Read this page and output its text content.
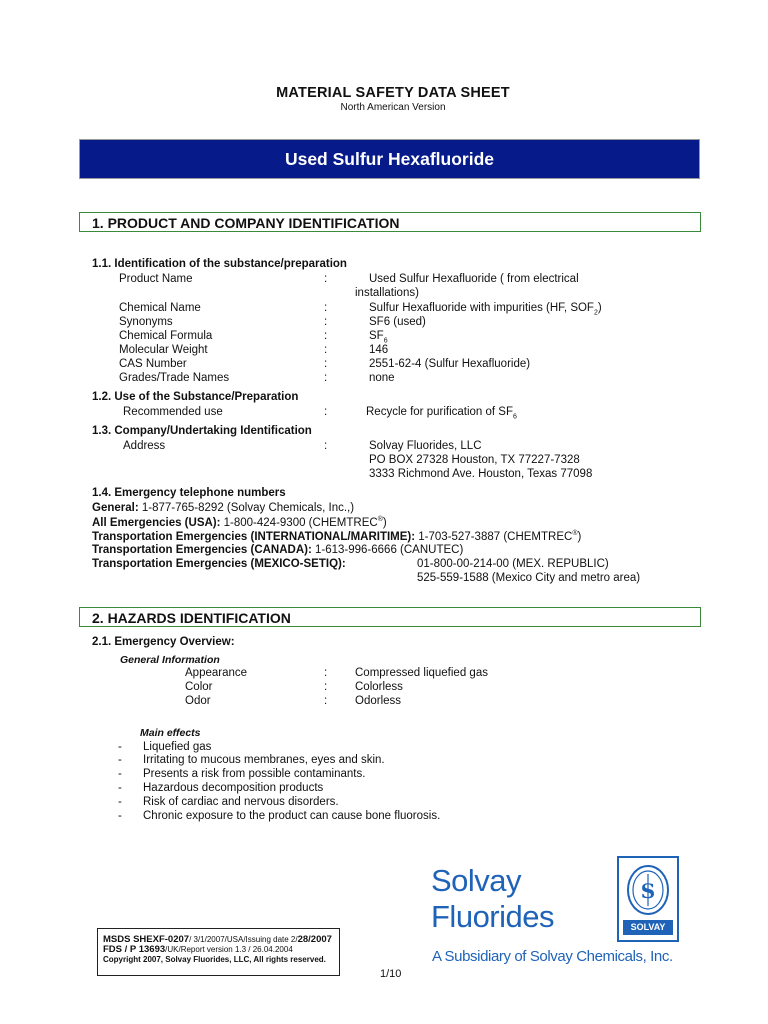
MATERIAL SAFETY DATA SHEET
North American Version
Used Sulfur Hexafluoride
1. PRODUCT AND COMPANY IDENTIFICATION
1.1. Identification of the substance/preparation
Product Name	:	Used Sulfur Hexafluoride ( from electrical
installations)
Chemical Name	:	Sulfur Hexafluoride with impurities (HF, $SOF_2$)
Synonyms	:	SF6 (used)
Chemical Formula	:	$SF_6$
Molecular Weight	:	146
CAS Number	:	2551-62-4 (Sulfur Hexafluoride)
Grades/Trade Names	:	none
1.2. Use of the Substance/Preparation
Recommended use	:	Recycle for purification of $SF_6$
1.3. Company/Undertaking Identification
Address	:	Solvay Fluorides, LLC
PO BOX 27328 Houston, TX 77227-7328
3333 Richmond Ave. Houston, Texas 77098
1.4. Emergency telephone numbers
General: 1-877-765-8292 (Solvay Chemicals, Inc.,)
All Emergencies (USA): 1-800-424-9300 (CHEMTREC®)
Transportation Emergencies (INTERNATIONAL/MARITIME): 1-703-527-3887 (CHEMTREC®)
Transportation Emergencies (CANADA): 1-613-996-6666 (CANUTEC)
Transportation Emergencies (MEXICO-SETIQ):	01-800-00-214-00 (MEX. REPUBLIC)
525-559-1588 (Mexico City and metro area)
2. HAZARDS IDENTIFICATION
2.1. Emergency Overview:
General Information
Appearance	: Compressed liquefied gas
Color	: Colorless
Odor	: Odorless
Main effects
- Liquefied gas
- Irritating to mucous membranes, eyes and skin.
- Presents a risk from possible contaminants.
- Hazardous decomposition products
- Risk of cardiac and nervous disorders.
- Chronic exposure to the product can cause bone fluorosis.
MSDS SHEXF-0207/ 3/1/2007/USA/Issuing date 2/28/2007
FDS / P 13693/UK/Report version 1.3 / 26.04.2004
Copyright 2007, Solvay Fluorides, LLC, All rights reserved.
Solvay
Fluorides
A Subsidiary of Solvay Chemicals, Inc.
S
SOLVAY
1/10
